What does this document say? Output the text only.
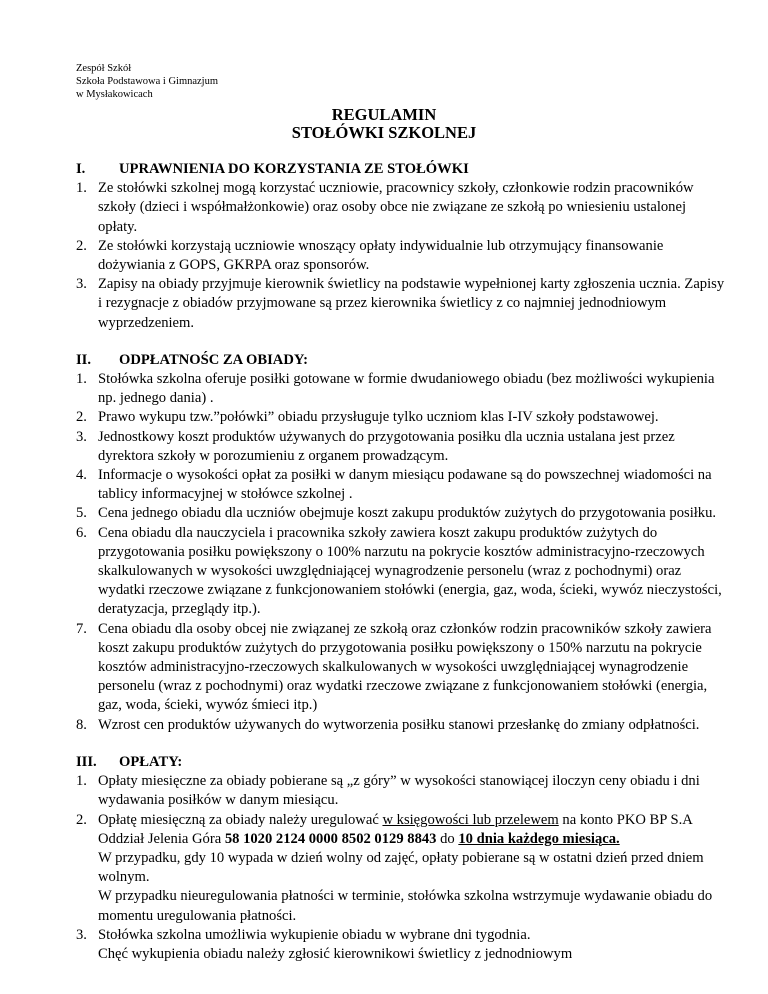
Zespół Szkół
Szkoła Podstawowa i Gimnazjum
w Mysłakowicach
REGULAMIN
STOŁÓWKI SZKOLNEJ
I. UPRAWNIENIA DO KORZYSTANIA ZE STOŁÓWKI
1. Ze stołówki szkolnej mogą korzystać uczniowie, pracownicy szkoły, członkowie rodzin pracowników szkoły (dzieci i współmałżonkowie) oraz osoby obce nie związane ze szkołą po wniesieniu ustalonej opłaty.
2. Ze stołówki korzystają uczniowie wnoszący opłaty indywidualnie lub otrzymujący finansowanie dożywiania z GOPS, GKRPA oraz sponsorów.
3. Zapisy na obiady przyjmuje kierownik świetlicy na podstawie wypełnionej karty zgłoszenia ucznia. Zapisy i rezygnacje z obiadów przyjmowane są przez kierownika świetlicy z co najmniej jednodniowym wyprzedzeniem.
II. ODPŁATNOŚC ZA OBIADY:
1. Stołówka szkolna oferuje posiłki gotowane w formie dwudaniowego obiadu (bez możliwości wykupienia np. jednego dania) .
2. Prawo wykupu tzw.”połówki” obiadu przysługuje tylko uczniom klas I-IV szkoły podstawowej.
3. Jednostkowy koszt produktów używanych do przygotowania posiłku dla ucznia ustalana jest przez dyrektora szkoły w porozumieniu z organem prowadzącym.
4. Informacje o wysokości opłat za posiłki w danym miesiącu podawane są do powszechnej wiadomości na tablicy informacyjnej w stołówce szkolnej .
5. Cena jednego obiadu dla uczniów obejmuje koszt zakupu produktów zużytych do przygotowania posiłku.
6. Cena obiadu dla nauczyciela i pracownika szkoły zawiera koszt zakupu produktów zużytych do przygotowania posiłku powiększony o 100% narzutu na pokrycie kosztów administracyjno-rzeczowych skalkulowanych w wysokości uwzględniającej wynagrodzenie personelu (wraz z pochodnymi) oraz wydatki rzeczowe związane z funkcjonowaniem stołówki (energia, gaz, woda, ścieki, wywóz nieczystości, deratyzacja, przeglądy itp.).
7. Cena obiadu dla osoby obcej nie związanej ze szkołą oraz członków rodzin pracowników szkoły zawiera koszt zakupu produktów zużytych do przygotowania posiłku powiększony o 150% narzutu na pokrycie kosztów administracyjno-rzeczowych skalkulowanych w wysokości uwzględniającej wynagrodzenie personelu (wraz z pochodnymi) oraz wydatki rzeczowe związane z funkcjonowaniem stołówki (energia, gaz, woda, ścieki, wywóz śmieci itp.)
8. Wzrost cen produktów używanych do wytworzenia posiłku stanowi przesłankę do zmiany odpłatności.
III. OPŁATY:
1. Opłaty miesięczne za obiady pobierane są „z góry” w wysokości stanowiącej iloczyn ceny obiadu i dni wydawania posiłków w danym miesiącu.
2. Opłatę miesięczną za obiady należy uregulować w księgowości lub przelewem na konto PKO BP S.A Oddział Jelenia Góra 58 1020 2124 0000 8502 0129 8843 do 10 dnia każdego miesiąca.
W przypadku, gdy 10 wypada w dzień wolny od zajęć, opłaty pobierane są w ostatni dzień przed dniem wolnym.
W przypadku nieuregulowania płatności w terminie, stołówka szkolna wstrzymuje wydawanie obiadu do momentu uregulowania płatności.
3. Stołówka szkolna umożliwia wykupienie obiadu w wybrane dni tygodnia.
Chęć wykupienia obiadu należy zgłosić kierownikowi świetlicy z jednodniowym
